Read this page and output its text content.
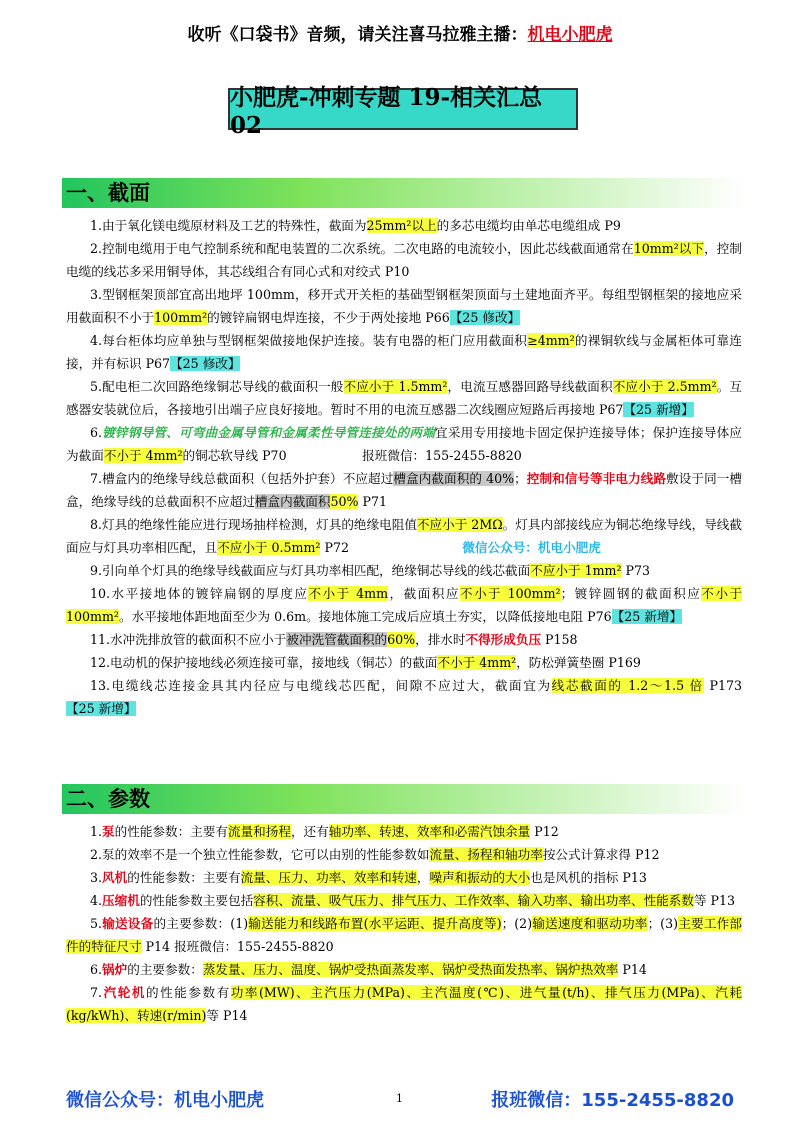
收听《口袋书》音频，请关注喜马拉雅主播：机电小肥虎
小肥虎-冲刺专题 19-相关汇总 02
一、截面

1.由于氧化镁电缆原材料及工艺的特殊性，截面为25mm²以上的多芯电缆均由单芯电缆组成 P9

2.控制电缆用于电气控制系统和配电装置的二次系统。二次电路的电流较小，因此芯线截面通常在10mm²以下，控制电缆的线芯多采用铜导体，其芯线组合有同心式和对绞式 P10

3.型钢框架顶部宜高出地坪 100mm，移开式开关柜的基础型钢框架顶面与土建地面齐平。每组型钢框架的接地应采用截面积不小于100mm²的镀锌扁钢电焊连接，不少于两处接地 P66【25 修改】

4.每台柜体均应单独与型钢框架做接地保护连接。装有电器的柜门应用截面积≥4mm²的裸铜软线与金属柜体可靠连接，并有标识 P67【25 修改】

5.配电柜二次回路绝缘铜芯导线的截面积一般不应小于 1.5mm²，电流互感器回路导线截面积不应小于 2.5mm²。互感器安装就位后，各接地引出端子应良好接地。暂时不用的电流互感器二次线圈应短路后再接地 P67【25 新增】

6.镀锌钢导管、可弯曲金属导管和金属柔性导管连接处的两端宜采用专用接地卡固定保护连接导体；保护连接导体应为截面不小于 4mm²的铜芯软导线 P70　　　　　　	报班微信：155-2455-8820

7.槽盒内的绝缘导线总截面积（包括外护套）不应超过槽盒内截面积的 40%；控制和信号等非电力线路敷设于同一槽盒，绝缘导线的总截面积不应超过槽盒内截面积50% P71

8.灯具的绝缘性能应进行现场抽样检测，灯具的绝缘电阻值不应小于 2MΩ。灯具内部接线应为铜芯绝缘导线，导线截面应与灯具功率相匹配，且不应小于 0.5mm² P72　　　　　　　　　	微信公众号：机电小肥虎

9.引向单个灯具的绝缘导线截面应与灯具功率相匹配，绝缘铜芯导线的线芯截面不应小于 1mm² P73

10.水平接地体的镀锌扁钢的厚度应不小于 4mm，截面积应不小于 100mm²；镀锌圆钢的截面积应不小于 100mm²。水平接地体距地面至少为 0.6m。接地体施工完成后应填土夯实，以降低接地电阻 P76【25 新增】

11.水冲洗排放管的截面积不应小于被冲洗管截面积的60%，排水时不得形成负压 P158

12.电动机的保护接地线必须连接可靠，接地线（铜芯）的截面不小于 4mm²，防松弹簧垫圈 P169

13.电缆线芯连接金具其内径应与电缆线芯匹配，间隙不应过大，截面宜为线芯截面的 1.2～1.5 倍 P173【25 新增】

二、参数

1.泵的性能参数：主要有流量和扬程，还有轴功率、转速、效率和必需汽蚀余量 P12

2.泵的效率不是一个独立性能参数，它可以由别的性能参数如流量、扬程和轴功率按公式计算求得 P12

3.风机的性能参数：主要有流量、压力、功率、效率和转速，噪声和振动的大小也是风机的指标 P13

4.压缩机的性能参数主要包括容积、流量、吸气压力、排气压力、工作效率、输入功率、输出功率、性能系数等 P13

5.输送设备的主要参数：(1)输送能力和线路布置(水平运距、提升高度等)；(2)输送速度和驱动功率；(3)主要工作部件的特征尺寸 P14 报班微信：155-2455-8820

6.锅炉的主要参数：蒸发量、压力、温度、锅炉受热面蒸发率、锅炉受热面发热率、锅炉热效率 P14

7.汽轮机的性能参数有功率(MW)、主汽压力(MPa)、主汽温度(℃)、进气量(t/h)、排气压力(MPa)、汽耗(kg/kWh)、转速(r/min)等 P14

微信公众号：机电小肥虎	1	报班微信：155-2455-8820
